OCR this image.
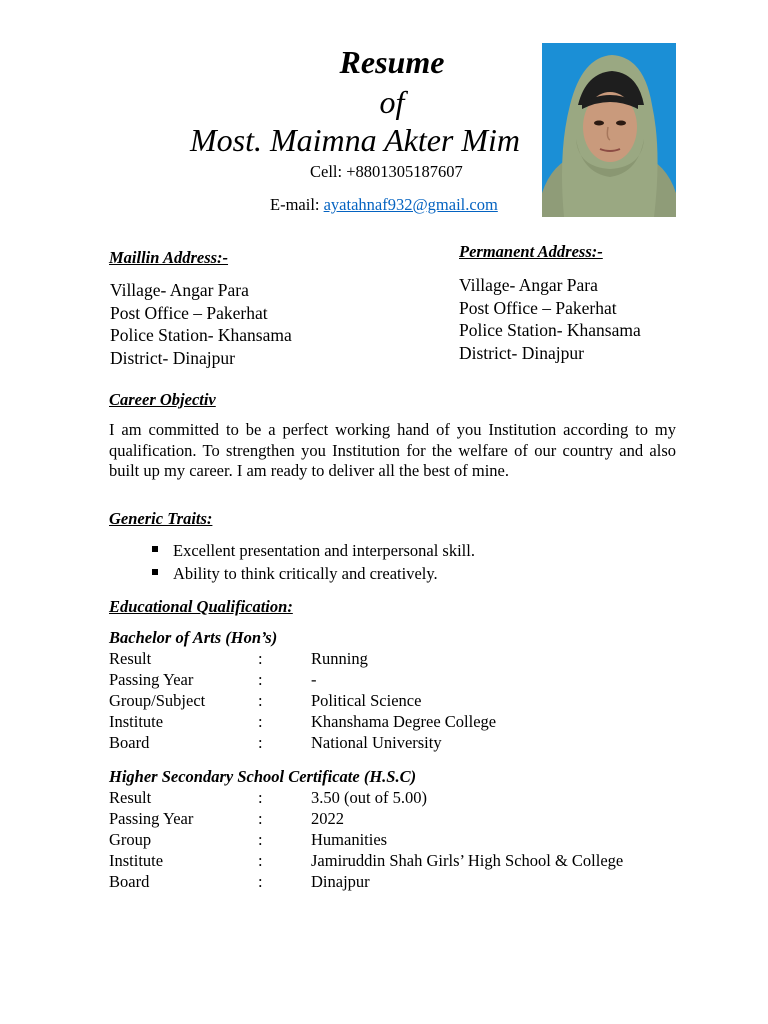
Resume
of
Most. Maimna Akter Mim
Cell: +8801305187607
E-mail: ayatahnaf932@gmail.com
Maillin Address:-
Village- Angar Para
Post Office – Pakerhat
Police Station- Khansama
District- Dinajpur
Permanent Address:-
Village- Angar Para
Post Office – Pakerhat
Police Station- Khansama
District- Dinajpur
Career Objectiv
I am committed to be a perfect working hand of you Institution according to my qualification. To strengthen you Institution for the welfare of our country and also built up my career. I am ready to deliver all the best of mine.
Generic Traits:
Excellent presentation and interpersonal skill.
Ability to think critically and creatively.
Educational Qualification:
Bachelor of Arts (Hon’s)
Result	:	Running
Passing Year	:	-
Group/Subject	:	Political Science
Institute	:	Khanshama Degree College
Board	:	National University
Higher Secondary School Certificate (H.S.C)
Result	:	3.50 (out of 5.00)
Passing Year	:	2022
Group	:	Humanities
Institute	:	Jamiruddin Shah Girls’ High School & College
Board	:	Dinajpur
